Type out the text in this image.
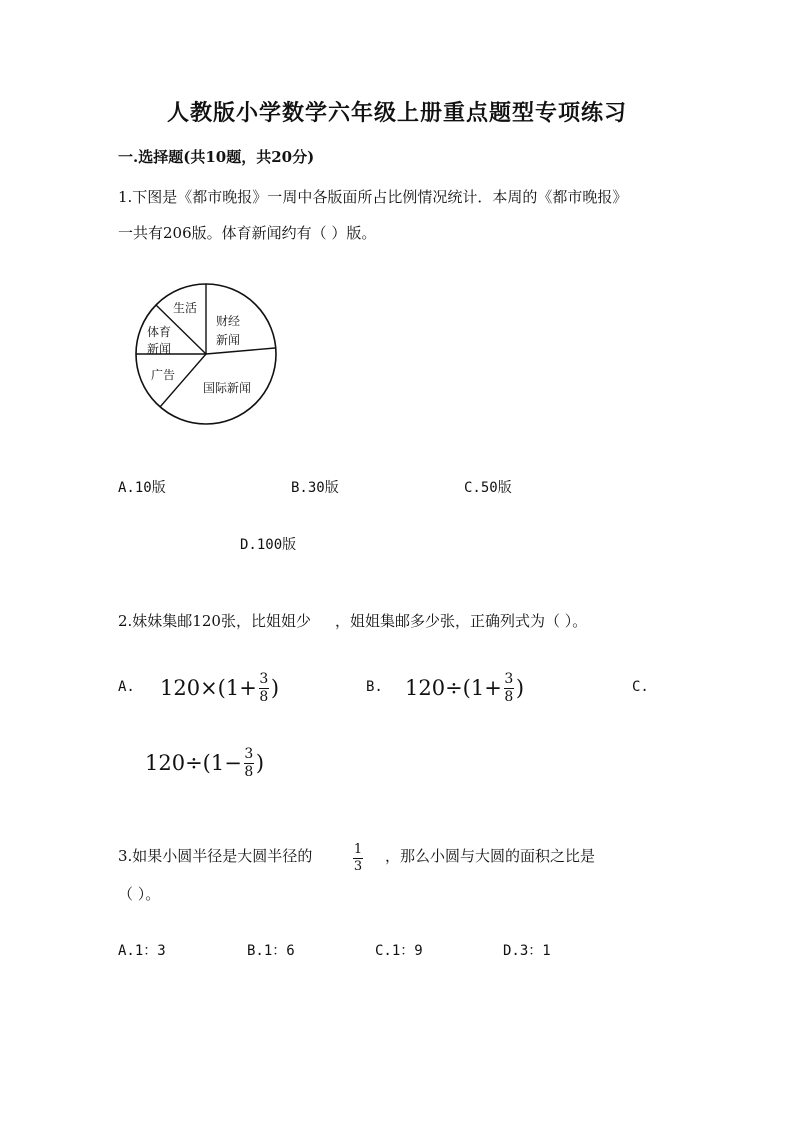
人教版小学数学六年级上册重点题型专项练习
一.选择题(共10题，共20分)
1.下图是《都市晚报》一周中各版面所占比例情况统计．本周的《都市晚报》
一共有206版。体育新闻约有（ ）版。
生活
财经
新闻
体育
新闻
广告
国际新闻
A.10版	B.30版	C.50版
D.100版
2.妹妹集邮120张，比姐姐少 ，姐姐集邮多少张，正确列式为（ ）。
A. $120\times(1+ \frac{3}{8}$ )	B. $120\div(1+ \frac{3}{8}$ )	C.
$120\div(1- \frac{3}{8}$ )
3.如果小圆半径是大圆半径的	$\frac{1}{3}$ ，那么小圆与大圆的面积之比是
（ ）。
A.1：3	B.1：6	C.1：9	D.3：1
